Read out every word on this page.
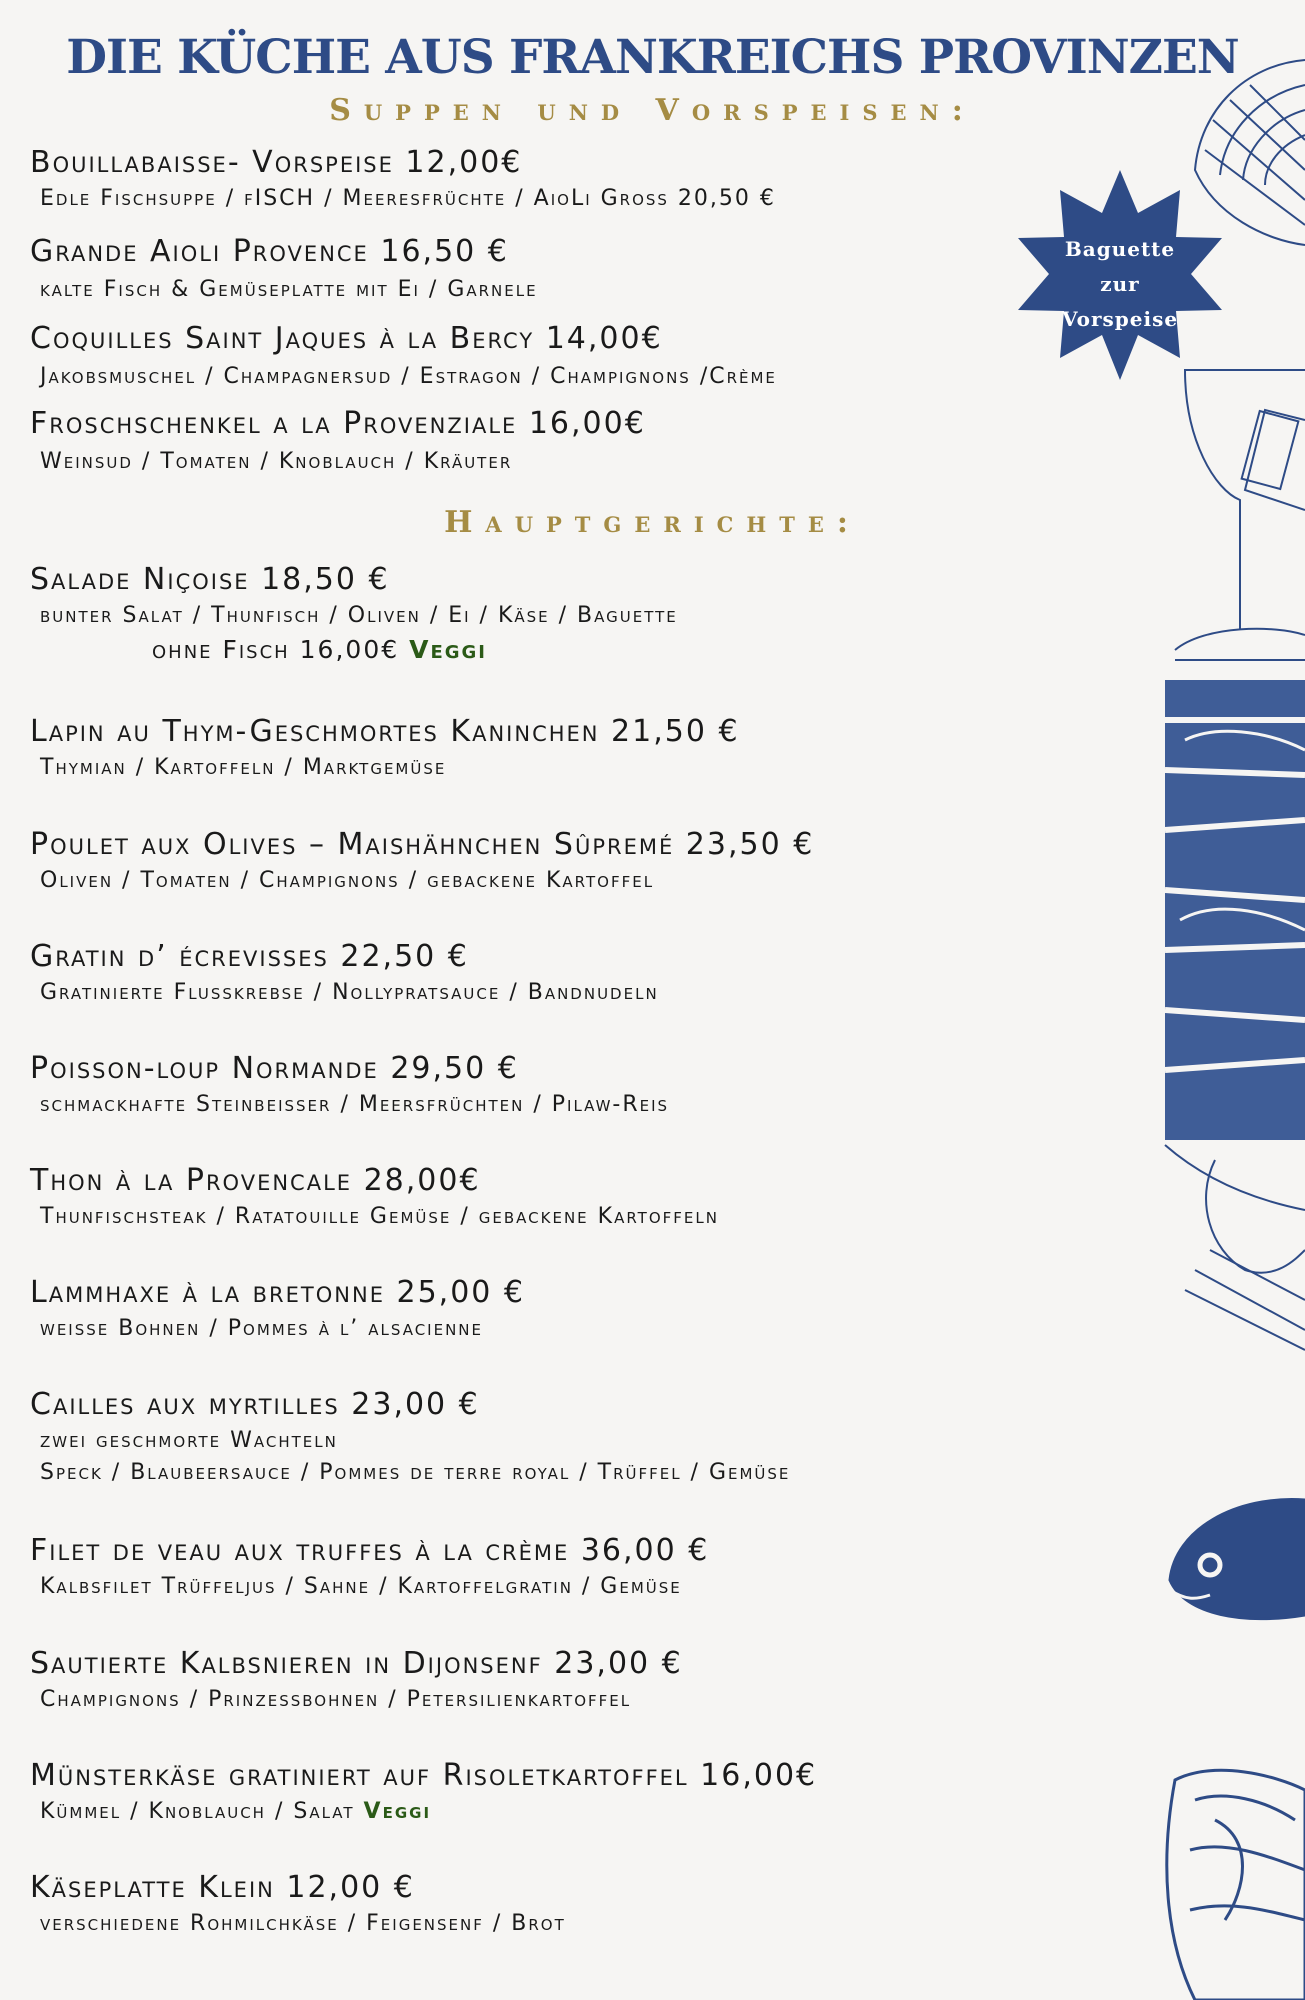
Baguette
zur
Vorspeise
DIE KÜCHE AUS FRANKREICHS PROVINZEN
Suppen und Vorspeisen:
Bouillabaisse- Vorspeise 12,00€
Edle Fischsuppe / fISCH / Meeresfrüchte / AioLi Gross 20,50 €
Grande Aioli Provence 16,50 €
kalte Fisch & Gemüseplatte mit Ei / Garnele
Coquilles Saint Jaques à la Bercy 14,00€
Jakobsmuschel / Champagnersud / Estragon / Champignons /Crème
Froschschenkel a la Provenziale 16,00€
Weinsud / Tomaten / Knoblauch / Kräuter
Hauptgerichte:
Salade Niçoise 18,50 €
bunter Salat / Thunfisch / Oliven / Ei / Käse / Baguette
ohne Fisch 16,00€ Veggi
Lapin au Thym-Geschmortes Kaninchen 21,50 €
Thymian / Kartoffeln / Marktgemüse
Poulet aux Olives – Maishähnchen Sûpremé 23,50 €
Oliven / Tomaten / Champignons / gebackene Kartoffel
Gratin d’ écrevisses 22,50 €
Gratinierte Flusskrebse / Nollypratsauce / Bandnudeln
Poisson-loup Normande 29,50 €
schmackhafte Steinbeisser / Meersfrüchten / Pilaw-Reis
Thon à la Provencale 28,00€
Thunfischsteak / Ratatouille Gemüse / gebackene Kartoffeln
Lammhaxe à la bretonne 25,00 €
weisse Bohnen / Pommes à l’ alsacienne
Cailles aux myrtilles 23,00 €
zwei geschmorte Wachteln
Speck / Blaubeersauce / Pommes de terre royal / Trüffel / Gemüse
Filet de veau aux truffes à la crème 36,00 €
Kalbsfilet Trüffeljus / Sahne / Kartoffelgratin / Gemüse
Sautierte Kalbsnieren in Dijonsenf 23,00 €
Champignons / Prinzessbohnen / Petersilienkartoffel
Münsterkäse gratiniert auf Risoletkartoffel 16,00€
Kümmel / Knoblauch / Salat Veggi
Käseplatte Klein 12,00 €
verschiedene Rohmilchkäse / Feigensenf / Brot
